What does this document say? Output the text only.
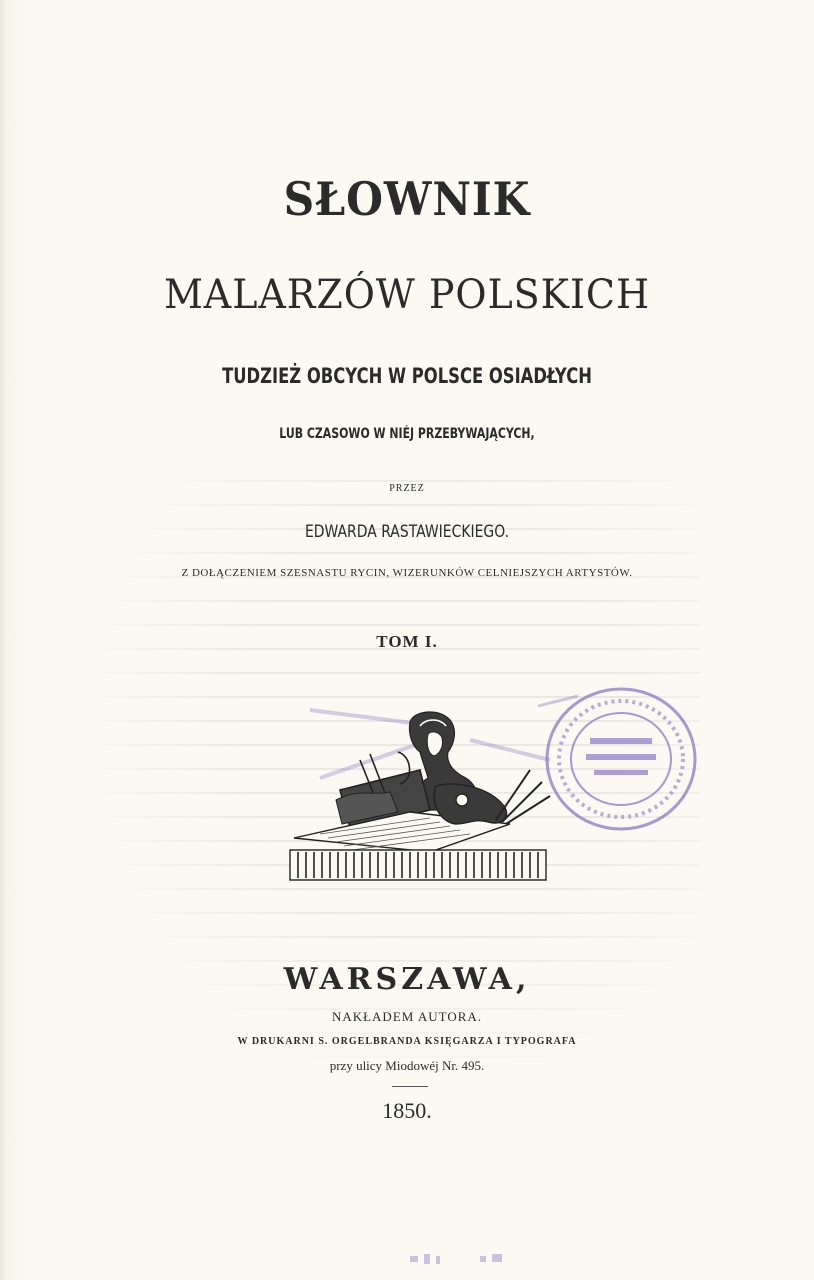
SŁOWNIK
MALARZÓW POLSKICH
TUDZIEŻ OBCYCH W POLSCE OSIADŁYCH
LUB CZASOWO W NIÉJ PRZEBYWAJĄCYCH,
PRZEZ
EDWARDA RASTAWIECKIEGO.
Z DOŁĄCZENIEM SZESNASTU RYCIN, WIZERUNKÓW CELNIEJSZYCH ARTYSTÓW.
TOM I.
WARSZAWA,
NAKŁADEM AUTORA.
W DRUKARNI S. ORGELBRANDA KSIĘGARZA I TYPOGRAFA
przy ulicy Miodowéj Nr. 495.
1850.
